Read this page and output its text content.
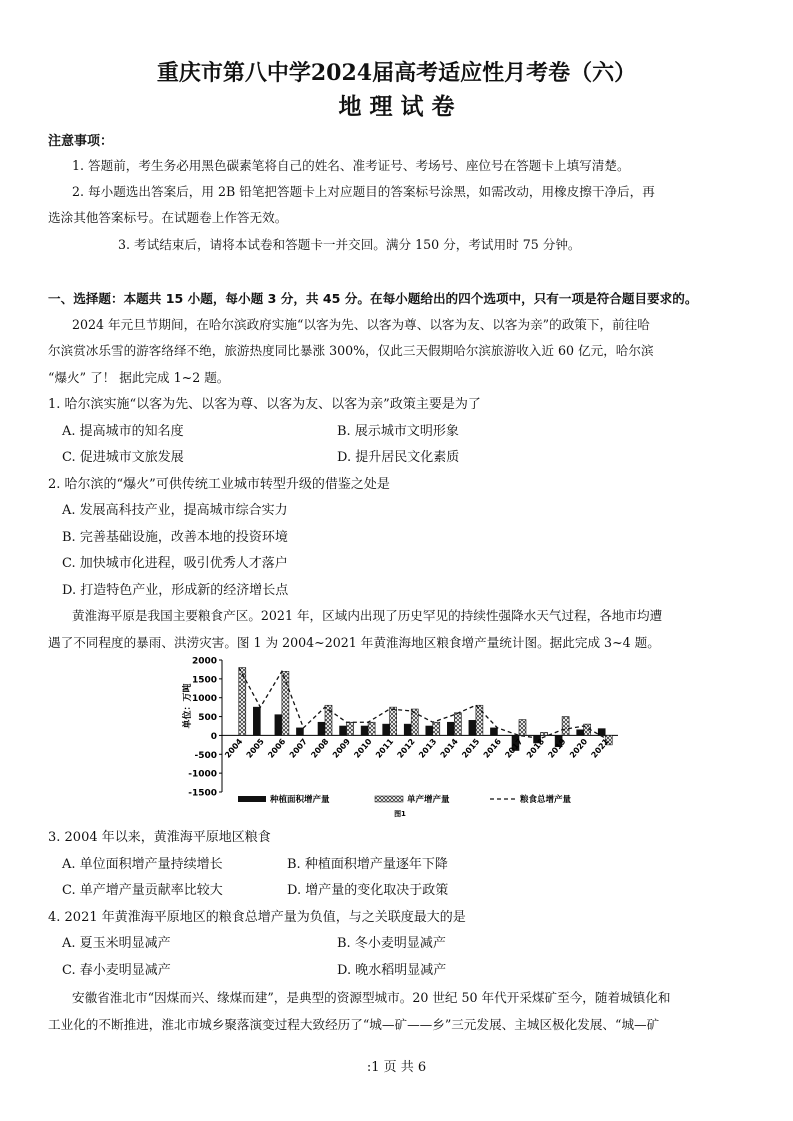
重庆市第八中学2024届高考适应性月考卷（六）
地 理 试 卷
注意事项：
1. 答题前，考生务必用黑色碳素笔将自己的姓名、准考证号、考场号、座位号在答题卡上填写清楚。
2. 每小题选出答案后，用 2B 铅笔把答题卡上对应题目的答案标号涂黑，如需改动，用橡皮擦干净后，再
选涂其他答案标号。在试题卷上作答无效。
3. 考试结束后，请将本试卷和答题卡一并交回。满分 150 分，考试用时 75 分钟。
一、选择题：本题共 15 小题，每小题 3 分，共 45 分。在每小题给出的四个选项中，只有一项是符合题目要求的。
2024 年元旦节期间，在哈尔滨政府实施“以客为先、以客为尊、以客为友、以客为亲”的政策下，前往哈
尔滨赏冰乐雪的游客络绎不绝，旅游热度同比暴涨 300%，仅此三天假期哈尔滨旅游收入近 60 亿元，哈尔滨
“爆火” 了！ 据此完成 1~2 题。
1. 哈尔滨实施“以客为先、以客为尊、以客为友、以客为亲”政策主要是为了
A. 提高城市的知名度	B. 展示城市文明形象
C. 促进城市文旅发展	D. 提升居民文化素质
2. 哈尔滨的“爆火”可供传统工业城市转型升级的借鉴之处是
A. 发展高科技产业，提高城市综合实力
B. 完善基础设施，改善本地的投资环境
C. 加快城市化进程，吸引优秀人才落户
D. 打造特色产业，形成新的经济增长点
黄淮海平原是我国主要粮食产区。2021 年，区域内出现了历史罕见的持续性强降水天气过程，各地市均遭
遇了不同程度的暴雨、洪涝灾害。图 1 为 2004~2021 年黄淮海地区粮食增产量统计图。据此完成 3~4 题。
2000
1500
1000
500
0
-500
-1000
-1500
单位：万吨
2004 2005 2006 2007 2008 2009 2010 2011 2012 2013 2014 2015 2016 2017 2018 2019 2020 2021
种植面积增产量	单产增产量	粮食总增产量
图1
3. 2004 年以来，黄淮海平原地区粮食
A. 单位面积增产量持续增长	B. 种植面积增产量逐年下降
C. 单产增产量贡献率比较大	D. 增产量的变化取决于政策
4. 2021 年黄淮海平原地区的粮食总增产量为负值，与之关联度最大的是
A. 夏玉米明显减产	B. 冬小麦明显减产
C. 春小麦明显减产	D. 晚水稻明显减产
安徽省淮北市“因煤而兴、缘煤而建”，是典型的资源型城市。20 世纪 50 年代开采煤矿至今，随着城镇化和
工业化的不断推进，淮北市城乡聚落演变过程大致经历了“城—矿——乡”三元发展、主城区极化发展、“城—矿
:1 页 共 6
